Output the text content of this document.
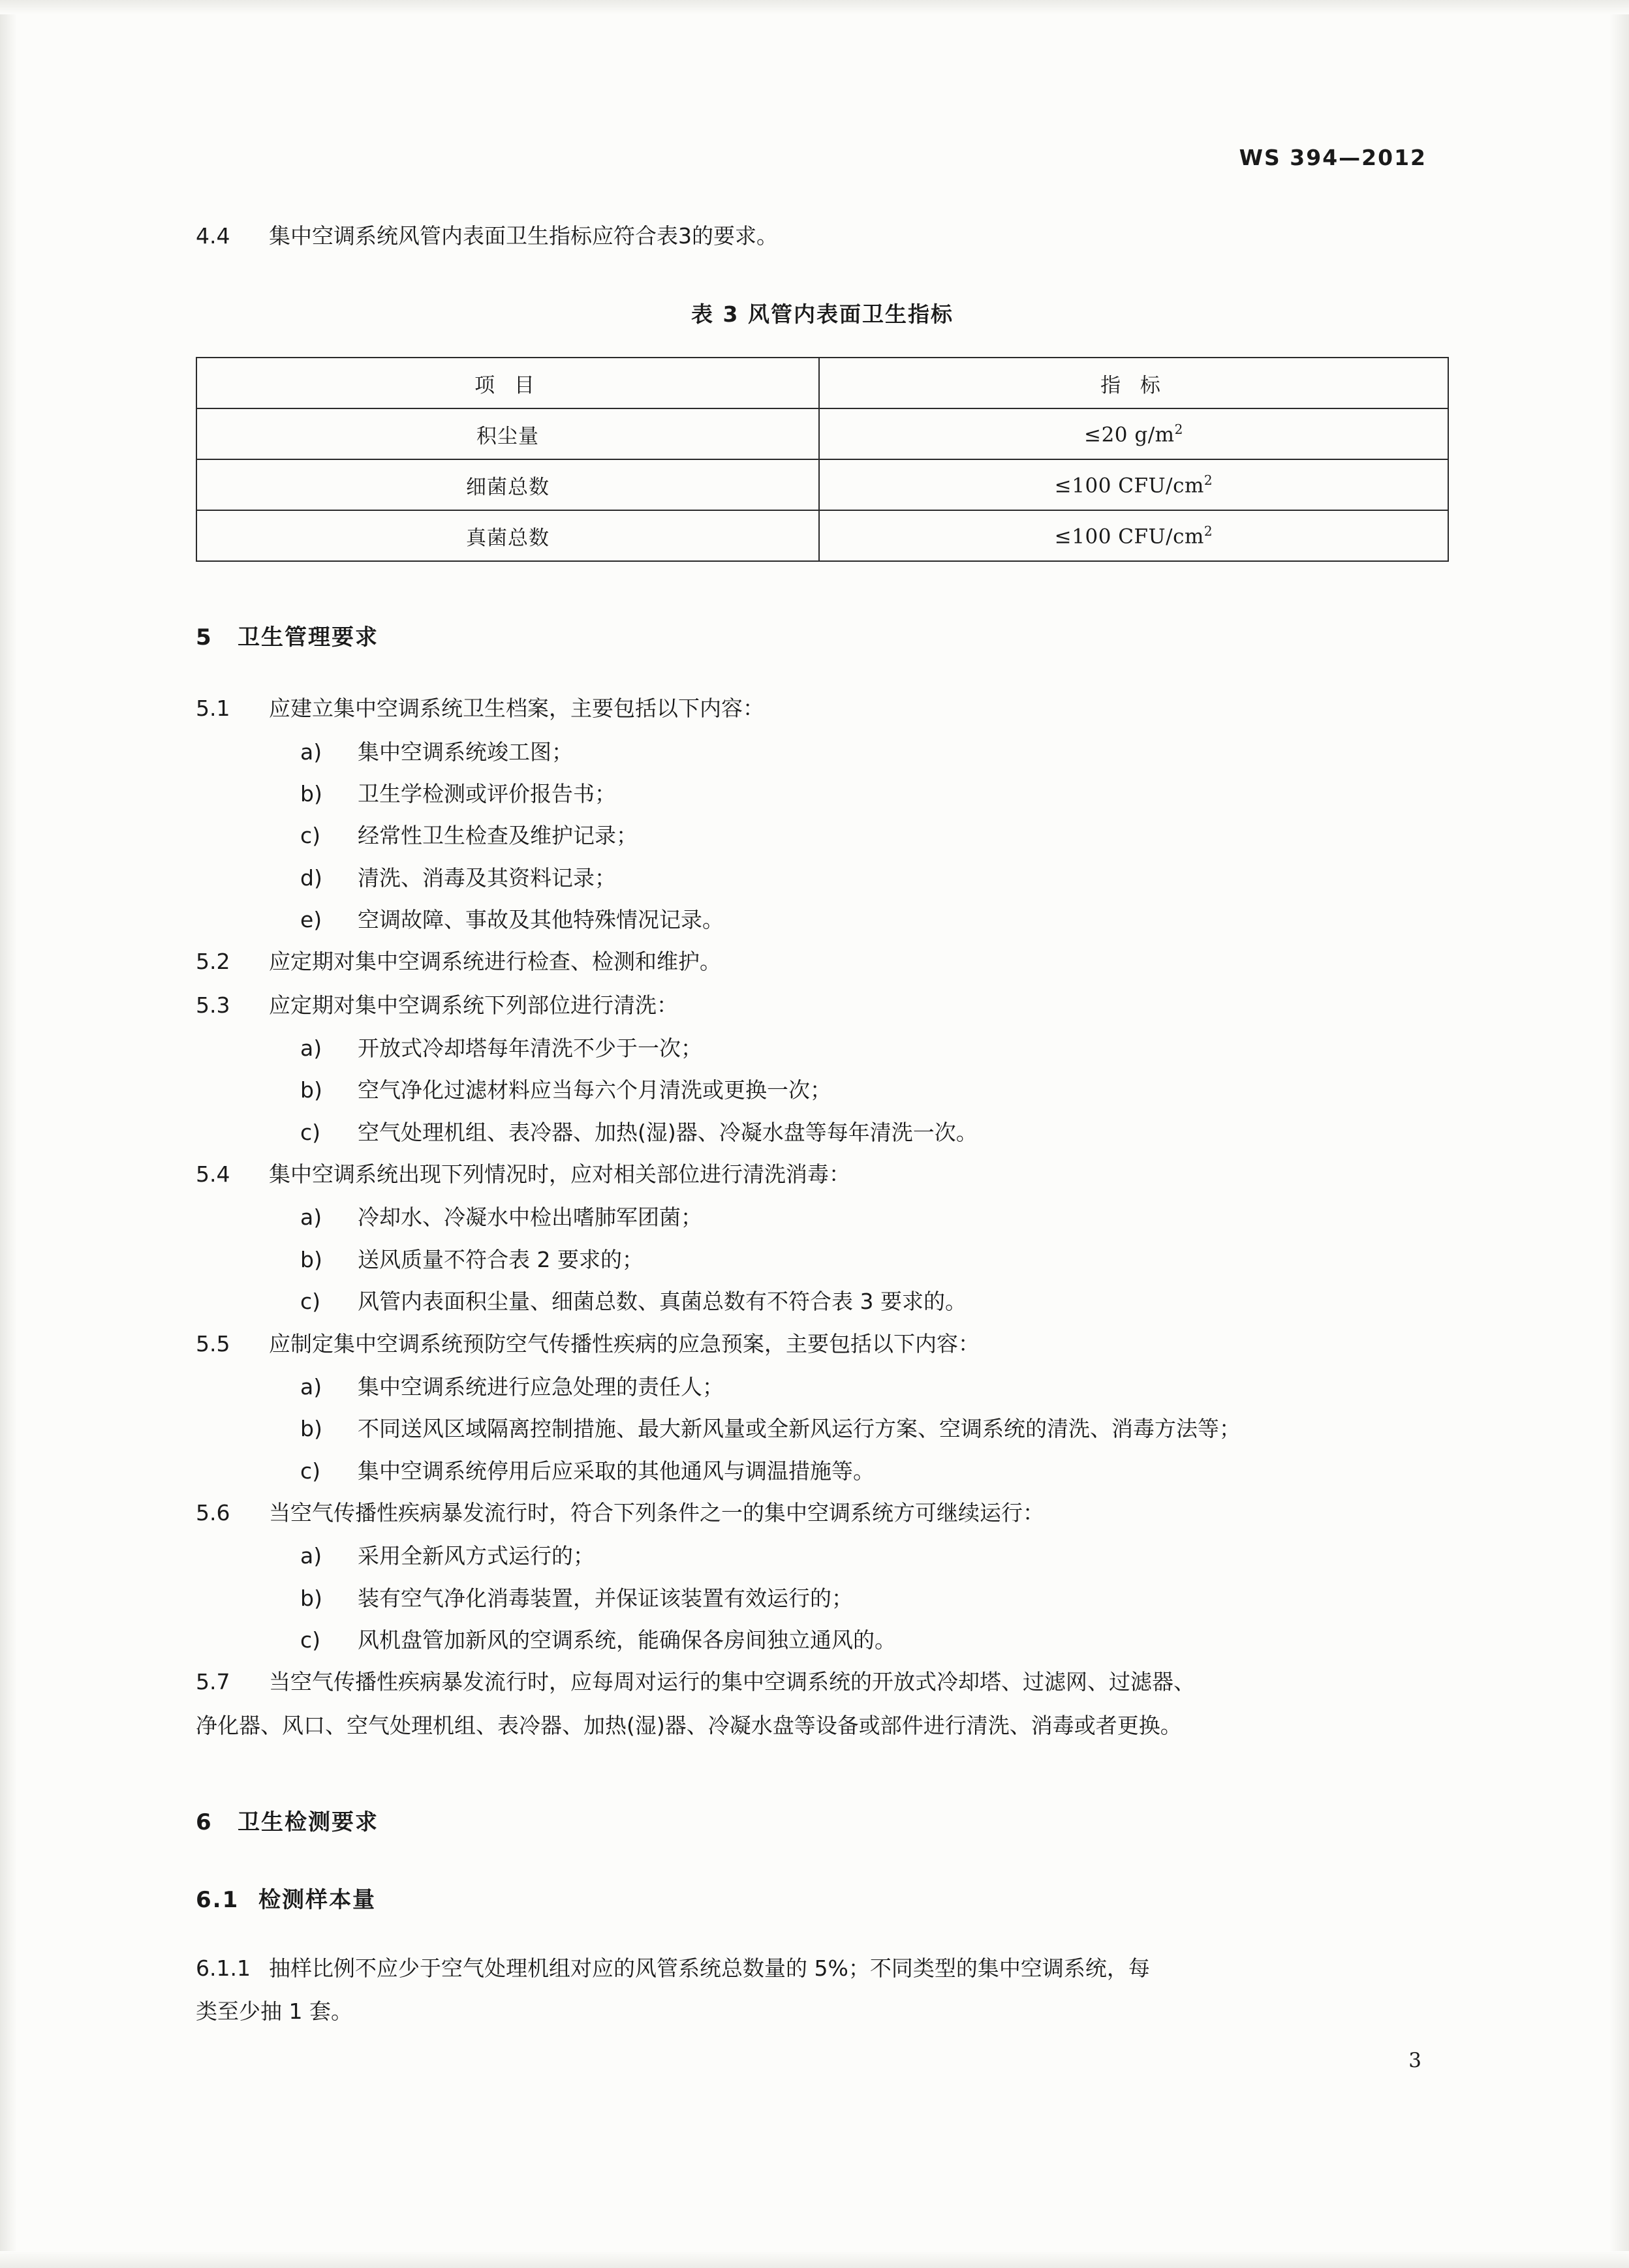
WS 394—2012
4.4 集中空调系统风管内表面卫生指标应符合表3的要求。
表 3 风管内表面卫生指标
项 目	指 标
积尘量	≤20 $g/m^2$
细菌总数	≤100 CFU/$cm^2$
真菌总数	≤100 CFU/$cm^2$
5 卫生管理要求
5.1 应建立集中空调系统卫生档案，主要包括以下内容：
a) 集中空调系统竣工图；
b) 卫生学检测或评价报告书；
c) 经常性卫生检查及维护记录；
d) 清洗、消毒及其资料记录；
e) 空调故障、事故及其他特殊情况记录。
5.2 应定期对集中空调系统进行检查、检测和维护。
5.3 应定期对集中空调系统下列部位进行清洗：
a) 开放式冷却塔每年清洗不少于一次；
b) 空气净化过滤材料应当每六个月清洗或更换一次；
c) 空气处理机组、表冷器、加热(湿)器、冷凝水盘等每年清洗一次。
5.4 集中空调系统出现下列情况时，应对相关部位进行清洗消毒：
a) 冷却水、冷凝水中检出嗜肺军团菌；
b) 送风质量不符合表 2 要求的；
c) 风管内表面积尘量、细菌总数、真菌总数有不符合表 3 要求的。
5.5 应制定集中空调系统预防空气传播性疾病的应急预案，主要包括以下内容：
a) 集中空调系统进行应急处理的责任人；
b) 不同送风区域隔离控制措施、最大新风量或全新风运行方案、空调系统的清洗、消毒方法等；
c) 集中空调系统停用后应采取的其他通风与调温措施等。
5.6 当空气传播性疾病暴发流行时，符合下列条件之一的集中空调系统方可继续运行：
a) 采用全新风方式运行的；
b) 装有空气净化消毒装置，并保证该装置有效运行的；
c) 风机盘管加新风的空调系统，能确保各房间独立通风的。
5.7 当空气传播性疾病暴发流行时，应每周对运行的集中空调系统的开放式冷却塔、过滤网、过滤器、
净化器、风口、空气处理机组、表冷器、加热(湿)器、冷凝水盘等设备或部件进行清洗、消毒或者更换。
6 卫生检测要求
6.1 检测样本量
6.1.1 抽样比例不应少于空气处理机组对应的风管系统总数量的 5%；不同类型的集中空调系统，每
类至少抽 1 套。
3
